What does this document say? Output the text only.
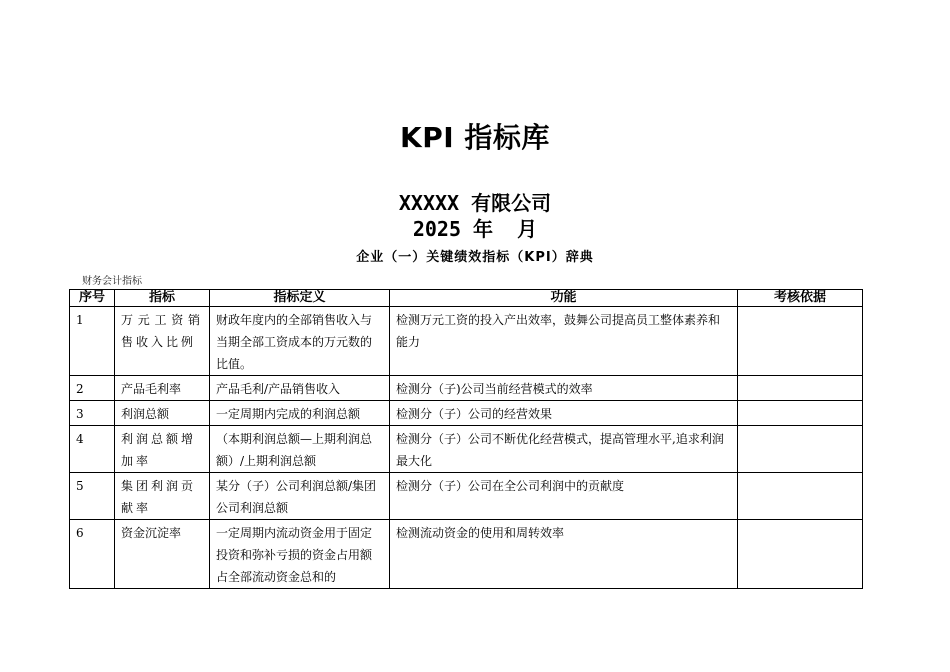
KPI 指标库
XXXXX 有限公司
2025 年  月
企业（一）关键绩效指标（KPI）辞典
财务会计指标
序号	指标	指标定义	功能	考核依据
1	万元工资销售收入比例	财政年度内的全部销售收入与当期全部工资成本的万元数的比值。	检测万元工资的投入产出效率，鼓舞公司提高员工整体素养和能力	
2	产品毛利率	产品毛利/产品销售收入	检测分（子)公司当前经营模式的效率	
3	利润总额	一定周期内完成的利润总额	检测分（子）公司的经营效果	
4	利润总额增加率	（本期利润总额—上期利润总额）/上期利润总额	检测分（子）公司不断优化经营模式，提高管理水平,追求利润最大化	
5	集团利润贡献率	某分（子）公司利润总额/集团公司利润总额	检测分（子）公司在全公司利润中的贡献度	

6	资金沉淀率	一定周期内流动资金用于固定投资和弥补亏损的资金占用额占全部流动资金总和的	检测流动资金的使用和周转效率	
